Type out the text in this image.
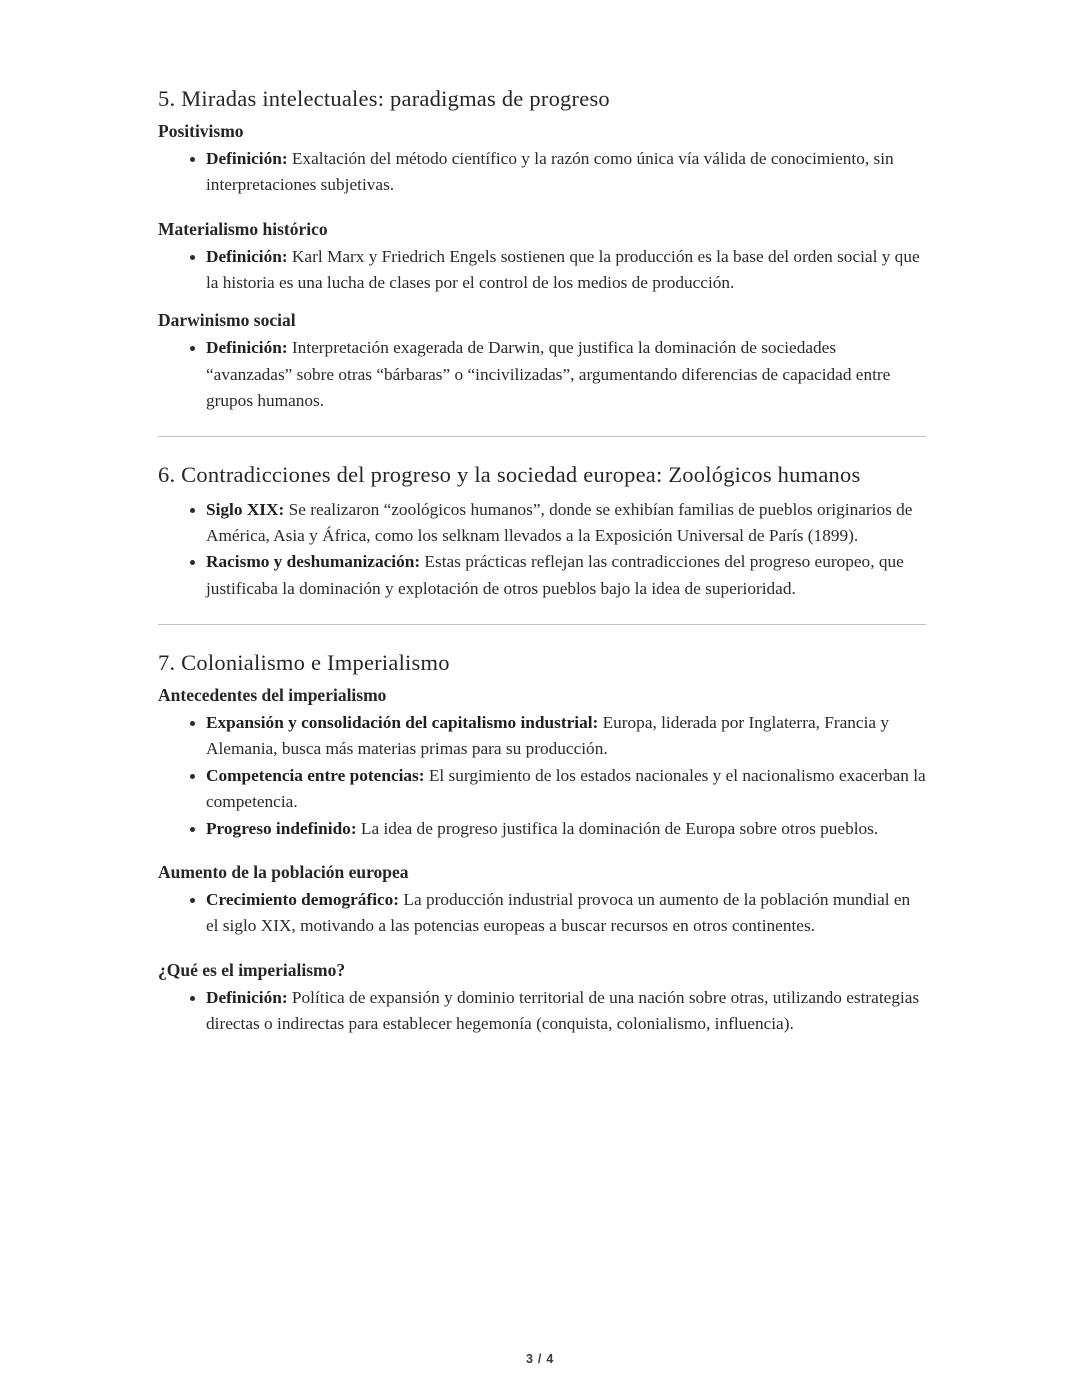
5. Miradas intelectuales: paradigmas de progreso
Positivismo
Definición: Exaltación del método científico y la razón como única vía válida de conocimiento, sin interpretaciones subjetivas.
Materialismo histórico
Definición: Karl Marx y Friedrich Engels sostienen que la producción es la base del orden social y que la historia es una lucha de clases por el control de los medios de producción.
Darwinismo social
Definición: Interpretación exagerada de Darwin, que justifica la dominación de sociedades “avanzadas” sobre otras “bárbaras” o “incivilizadas”, argumentando diferencias de capacidad entre grupos humanos.
6. Contradicciones del progreso y la sociedad europea: Zoológicos humanos
Siglo XIX: Se realizaron “zoológicos humanos”, donde se exhibían familias de pueblos originarios de América, Asia y África, como los selknam llevados a la Exposición Universal de París (1899).
Racismo y deshumanización: Estas prácticas reflejan las contradicciones del progreso europeo, que justificaba la dominación y explotación de otros pueblos bajo la idea de superioridad.
7. Colonialismo e Imperialismo
Antecedentes del imperialismo
Expansión y consolidación del capitalismo industrial: Europa, liderada por Inglaterra, Francia y Alemania, busca más materias primas para su producción.
Competencia entre potencias: El surgimiento de los estados nacionales y el nacionalismo exacerban la competencia.
Progreso indefinido: La idea de progreso justifica la dominación de Europa sobre otros pueblos.
Aumento de la población europea
Crecimiento demográfico: La producción industrial provoca un aumento de la población mundial en el siglo XIX, motivando a las potencias europeas a buscar recursos en otros continentes.
¿Qué es el imperialismo?
Definición: Política de expansión y dominio territorial de una nación sobre otras, utilizando estrategias directas o indirectas para establecer hegemonía (conquista, colonialismo, influencia).
3 / 4
